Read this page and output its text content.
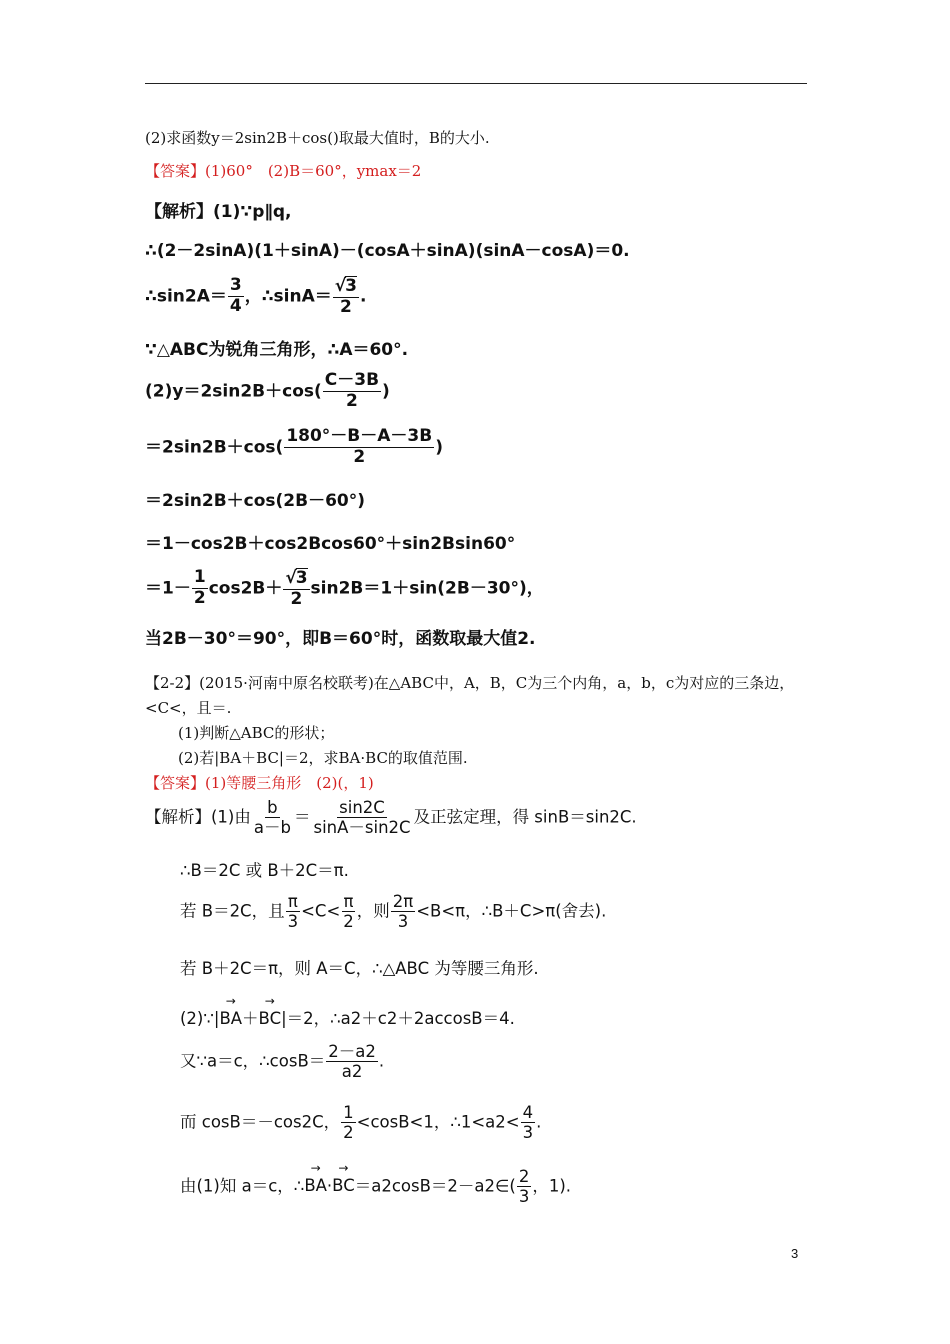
(2)求函数y＝2sin2B＋cos()取最大值时，B的大小.
【答案】(1)60°　(2)B＝60°，ymax＝2
【解析】(1)∵p∥q,
∴(2－2sinA)(1＋sinA)－(cosA＋sinA)(sinA－cosA)＝0.
∴sin2A＝ $\frac{3}{4}$ ，∴sinA＝ $\frac{√3}{2}$ .
∵△ABC为锐角三角形，∴A＝60°.
$(2)y=2\sin 2B+\cos( \frac{C-3B}{2}$ )
$=2\sin 2B+\cos( \frac{180^\circ-B-A-3B}{2}$ )
＝2sin2B＋cos(2B－60°)
＝1－cos2B＋cos2Bcos60°＋sin2Bsin60°
$=1- \frac{1}{2} \cos 2B+ \frac{√3}{2} \sin 2B=1+\sin(2B-30^\circ)$，
当2B－30°＝90°，即B＝60°时，函数取最大值2.
【2-2】(2015·河南中原名校联考)在△ABC中，A，B，C为三个内角，a，b，c为对应的三条边，
<C<，且＝.
(1)判断△ABC的形状；
(2)若|BA＋BC|＝2，求BA·BC的取值范围.
【答案】(1)等腰三角形　(2)(，1)
【解析】(1)由 $\frac{b}{a-b} = \frac{\sin 2C}{\sin A-\sin 2C}$ 及正弦定理，得 sinB＝sin2C.
∴B＝2C 或 B＋2C＝π.
若 B＝2C，且 $\frac{\pi}{3} <C< \frac{\pi}{2}$ ，则 $\frac{2\pi}{3} <B<\pi$，∴B＋C>π(舍去).
若 B＋2C＝π，则 A＝C，∴△ABC 为等腰三角形.
(2)∵|→ BA＋→ BC|＝2，∴a2＋c2＋2accosB＝4.
又∵a＝c，∴cosB＝ $\frac{2-a2}{a2}$ .
而 cosB＝－cos2C， $\frac{1}{2} <\cos B<1$，∴1<a2< $\frac{4}{3}$ .
由(1)知 a＝c，∴→ BA·→ BC＝a2cosB＝2－a2∈( $\frac{2}{3}$ ，1).
3
